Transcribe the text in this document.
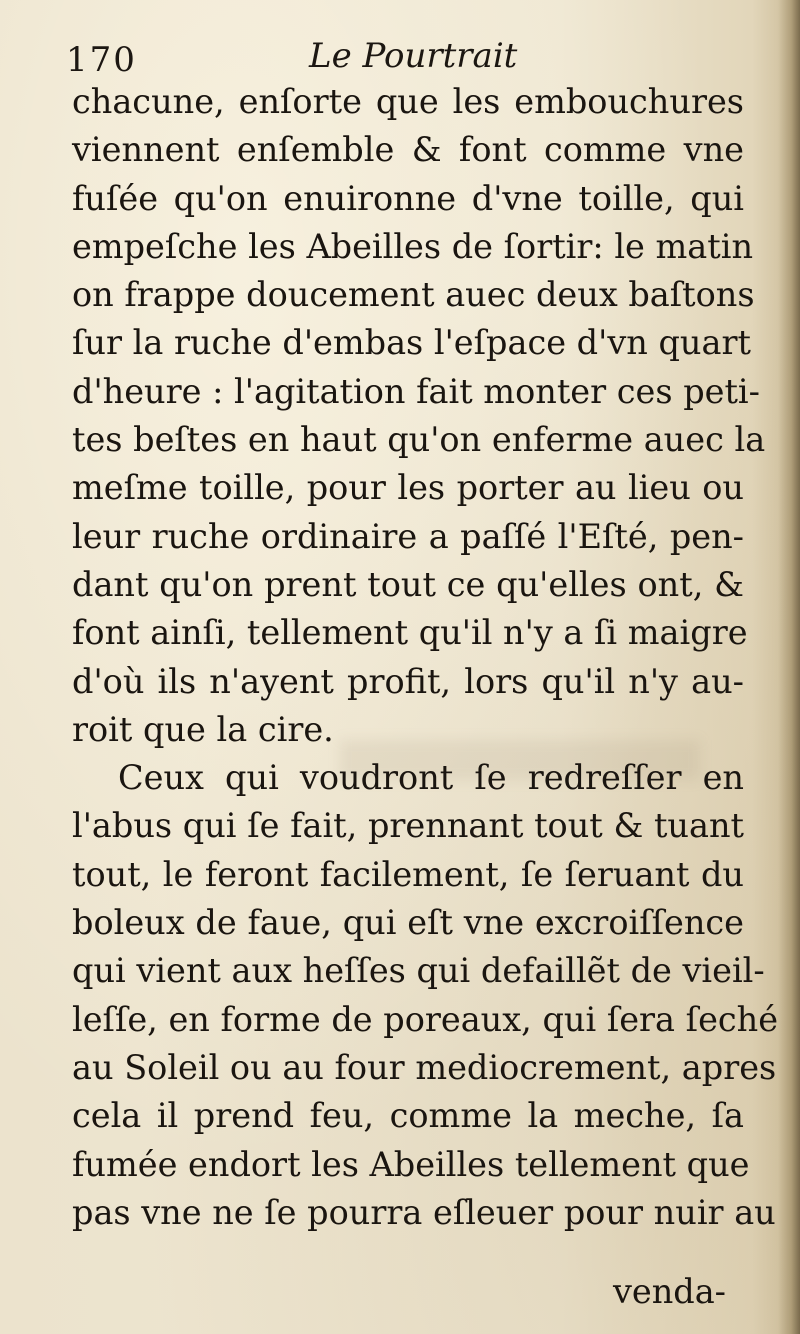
170	Le Pourtrait
chacune, enſorte que les embouchures
viennent enſemble & font comme vne
fuſée qu'on enuironne d'vne toille, qui
empeſche les Abeilles de ſortir: le matin
on frappe doucement auec deux baſtons
ſur la ruche d'embas l'eſpace d'vn quart
d'heure : l'agitation fait monter ces peti-
tes beſtes en haut qu'on enferme auec la
meſme toille, pour les porter au lieu ou
leur ruche ordinaire a paſſé l'Eſté, pen-
dant qu'on prent tout ce qu'elles ont, &
font ainſi, tellement qu'il n'y a ſi maigre
d'où ils n'ayent profit, lors qu'il n'y au-
roit que la cire.
Ceux qui voudront ſe redreſſer en
l'abus qui ſe fait, prennant tout & tuant
tout, le feront facilement, ſe ſeruant du
boleux de faue, qui eſt vne excroiſſence
qui vient aux heſſes qui defaillẽt de vieil-
leſſe, en forme de poreaux, qui ſera ſeché
au Soleil ou au four mediocrement, apres
cela il prend feu, comme la meche, ſa
fumée endort les Abeilles tellement que
pas vne ne ſe pourra eſleuer pour nuir au
venda-
